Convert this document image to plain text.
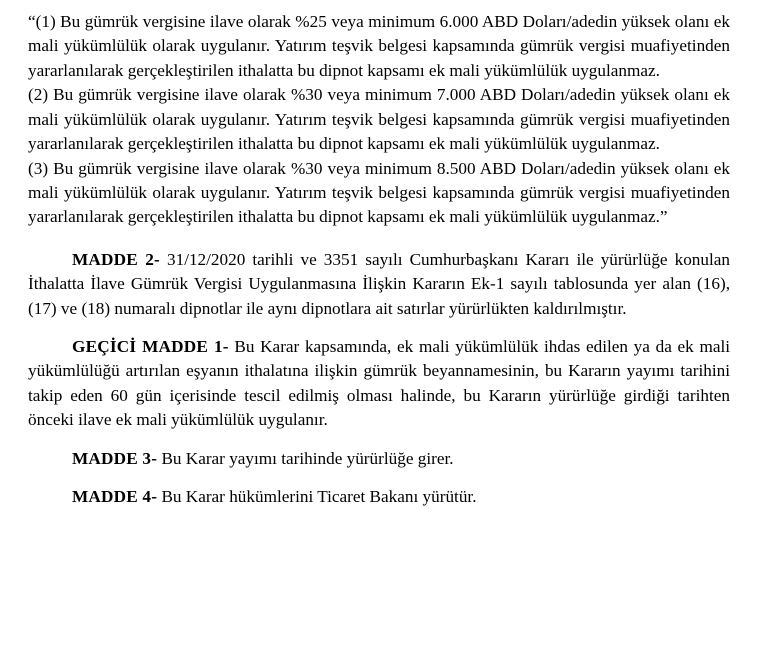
“(1) Bu gümrük vergisine ilave olarak %25 veya minimum 6.000 ABD Doları/adedin yüksek olanı ek mali yükümlülük olarak uygulanır. Yatırım teşvik belgesi kapsamında gümrük vergisi muafiyetinden yararlanılarak gerçekleştirilen ithalatta bu dipnot kapsamı ek mali yükümlülük uygulanmaz.

(2) Bu gümrük vergisine ilave olarak %30 veya minimum 7.000 ABD Doları/adedin yüksek olanı ek mali yükümlülük olarak uygulanır. Yatırım teşvik belgesi kapsamında gümrük vergisi muafiyetinden yararlanılarak gerçekleştirilen ithalatta bu dipnot kapsamı ek mali yükümlülük uygulanmaz.

(3) Bu gümrük vergisine ilave olarak %30 veya minimum 8.500 ABD Doları/adedin yüksek olanı ek mali yükümlülük olarak uygulanır. Yatırım teşvik belgesi kapsamında gümrük vergisi muafiyetinden yararlanılarak gerçekleştirilen ithalatta bu dipnot kapsamı ek mali yükümlülük uygulanmaz.”

MADDE 2- 31/12/2020 tarihli ve 3351 sayılı Cumhurbaşkanı Kararı ile yürürlüğe konulan İthalatta İlave Gümrük Vergisi Uygulanmasına İlişkin Kararın Ek-1 sayılı tablosunda yer alan (16), (17) ve (18) numaralı dipnotlar ile aynı dipnotlara ait satırlar yürürlükten kaldırılmıştır.

GEÇİCİ MADDE 1- Bu Karar kapsamında, ek mali yükümlülük ihdas edilen ya da ek mali yükümlülüğü artırılan eşyanın ithalatına ilişkin gümrük beyannamesinin, bu Kararın yayımı tarihini takip eden 60 gün içerisinde tescil edilmiş olması halinde, bu Kararın yürürlüğe girdiği tarihten önceki ilave ek mali yükümlülük uygulanır.

MADDE 3- Bu Karar yayımı tarihinde yürürlüğe girer.

MADDE 4- Bu Karar hükümlerini Ticaret Bakanı yürütür.
